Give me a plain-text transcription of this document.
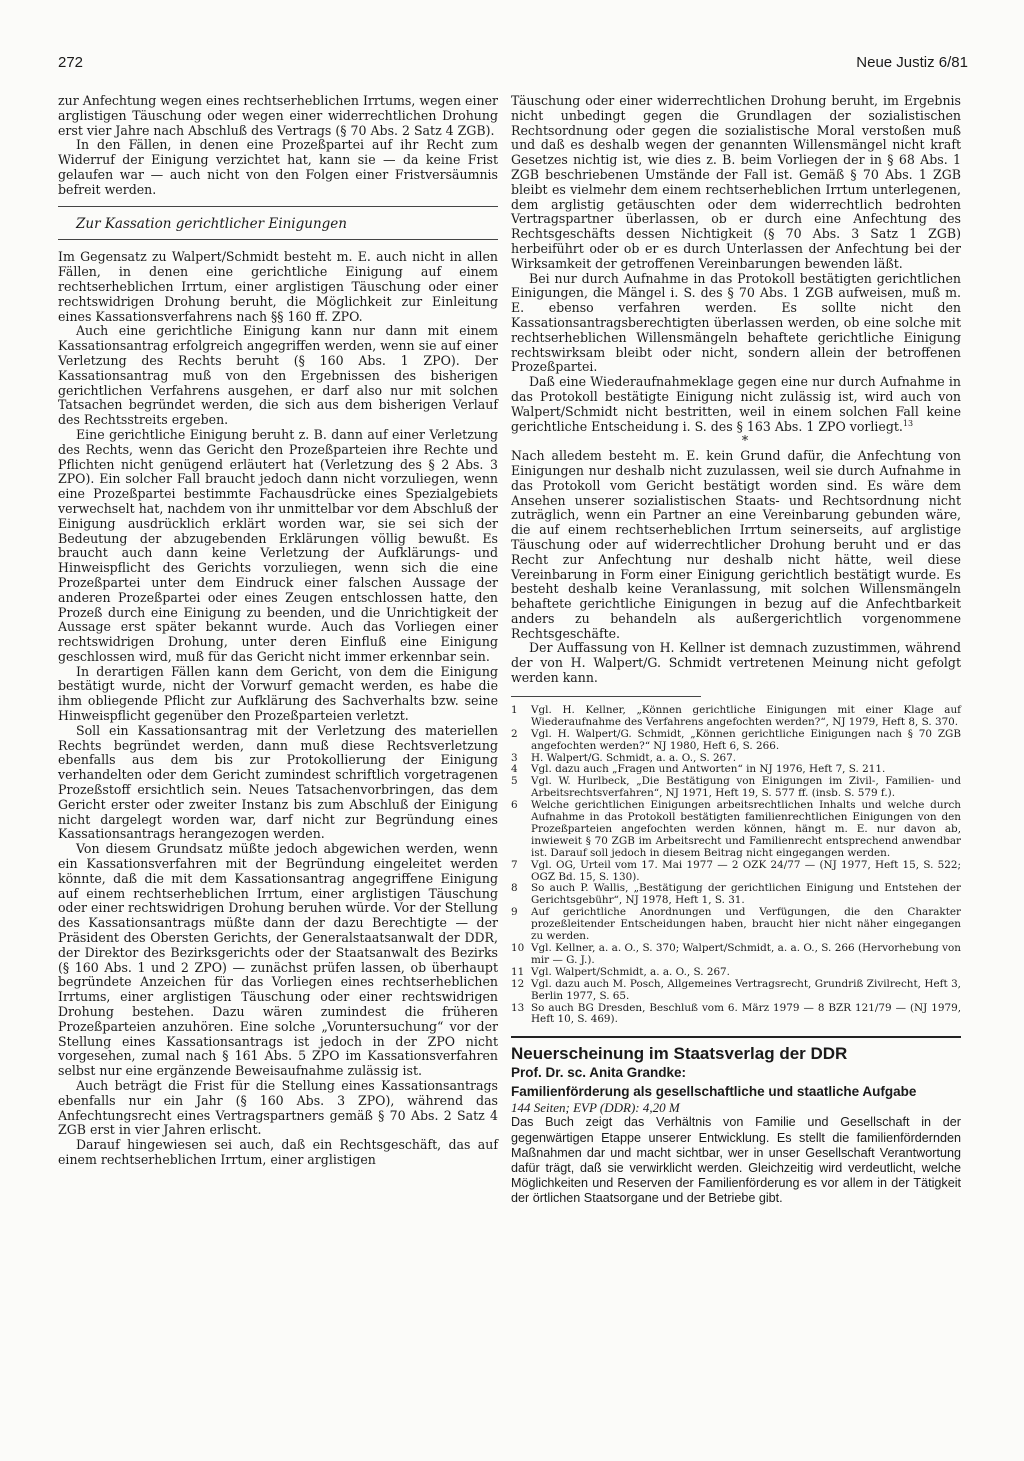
272	Neue Justiz 6/81

zur Anfechtung wegen eines rechtserheblichen Irrtums, wegen einer arglistigen Täuschung oder wegen einer widerrechtlichen Drohung erst vier Jahre nach Abschluß des Vertrags (§ 70 Abs. 2 Satz 4 ZGB).

In den Fällen, in denen eine Prozeßpartei auf ihr Recht zum Widerruf der Einigung verzichtet hat, kann sie — da keine Frist gelaufen war — auch nicht von den Folgen einer Fristversäumnis befreit werden.

Zur Kassation gerichtlicher Einigungen

Im Gegensatz zu Walpert/Schmidt besteht m. E. auch nicht in allen Fällen, in denen eine gerichtliche Einigung auf einem rechtserheblichen Irrtum, einer arglistigen Täuschung oder einer rechtswidrigen Drohung beruht, die Möglichkeit zur Einleitung eines Kassationsverfahrens nach §§ 160 ff. ZPO.

Auch eine gerichtliche Einigung kann nur dann mit einem Kassationsantrag erfolgreich angegriffen werden, wenn sie auf einer Verletzung des Rechts beruht (§ 160 Abs. 1 ZPO). Der Kassationsantrag muß von den Ergebnissen des bisherigen gerichtlichen Verfahrens ausgehen, er darf also nur mit solchen Tatsachen begründet werden, die sich aus dem bisherigen Verlauf des Rechtsstreits ergeben.

Eine gerichtliche Einigung beruht z. B. dann auf einer Verletzung des Rechts, wenn das Gericht den Prozeßparteien ihre Rechte und Pflichten nicht genügend erläutert hat (Verletzung des § 2 Abs. 3 ZPO). Ein solcher Fall braucht jedoch dann nicht vorzuliegen, wenn eine Prozeßpartei bestimmte Fachausdrücke eines Spezialgebiets verwechselt hat, nachdem von ihr unmittelbar vor dem Abschluß der Einigung ausdrücklich erklärt worden war, sie sei sich der Bedeutung der abzugebenden Erklärungen völlig bewußt. Es braucht auch dann keine Verletzung der Aufklärungs- und Hinweispflicht des Gerichts vorzuliegen, wenn sich die eine Prozeßpartei unter dem Eindruck einer falschen Aussage der anderen Prozeßpartei oder eines Zeugen entschlossen hatte, den Prozeß durch eine Einigung zu beenden, und die Unrichtigkeit der Aussage erst später bekannt wurde. Auch das Vorliegen einer rechtswidrigen Drohung, unter deren Einfluß eine Einigung geschlossen wird, muß für das Gericht nicht immer erkennbar sein.

In derartigen Fällen kann dem Gericht, von dem die Einigung bestätigt wurde, nicht der Vorwurf gemacht werden, es habe die ihm obliegende Pflicht zur Aufklärung des Sachverhalts bzw. seine Hinweispflicht gegenüber den Prozeßparteien verletzt.

Soll ein Kassationsantrag mit der Verletzung des materiellen Rechts begründet werden, dann muß diese Rechtsverletzung ebenfalls aus dem bis zur Protokollierung der Einigung verhandelten oder dem Gericht zumindest schriftlich vorgetragenen Prozeßstoff ersichtlich sein. Neues Tatsachenvorbringen, das dem Gericht erster oder zweiter Instanz bis zum Abschluß der Einigung nicht dargelegt worden war, darf nicht zur Begründung eines Kassationsantrags herangezogen werden.

Von diesem Grundsatz müßte jedoch abgewichen werden, wenn ein Kassationsverfahren mit der Begründung eingeleitet werden könnte, daß die mit dem Kassationsantrag angegriffene Einigung auf einem rechtserheblichen Irrtum, einer arglistigen Täuschung oder einer rechtswidrigen Drohung beruhen würde. Vor der Stellung des Kassationsantrags müßte dann der dazu Berechtigte — der Präsident des Obersten Gerichts, der Generalstaatsanwalt der DDR, der Direktor des Bezirksgerichts oder der Staatsanwalt des Bezirks (§ 160 Abs. 1 und 2 ZPO) — zunächst prüfen lassen, ob überhaupt begründete Anzeichen für das Vorliegen eines rechtserheblichen Irrtums, einer arglistigen Täuschung oder einer rechtswidrigen Drohung bestehen. Dazu wären zumindest die früheren Prozeßparteien anzuhören. Eine solche „Voruntersuchung“ vor der Stellung eines Kassationsantrags ist jedoch in der ZPO nicht vorgesehen, zumal nach § 161 Abs. 5 ZPO im Kassationsverfahren selbst nur eine ergänzende Beweisaufnahme zulässig ist.

Auch beträgt die Frist für die Stellung eines Kassationsantrags ebenfalls nur ein Jahr (§ 160 Abs. 3 ZPO), während das Anfechtungsrecht eines Vertragspartners gemäß § 70 Abs. 2 Satz 4 ZGB erst in vier Jahren erlischt.

Darauf hingewiesen sei auch, daß ein Rechtsgeschäft, das auf einem rechtserheblichen Irrtum, einer arglistigen

Täuschung oder einer widerrechtlichen Drohung beruht, im Ergebnis nicht unbedingt gegen die Grundlagen der sozialistischen Rechtsordnung oder gegen die sozialistische Moral verstoßen muß und daß es deshalb wegen der genannten Willensmängel nicht kraft Gesetzes nichtig ist, wie dies z. B. beim Vorliegen der in § 68 Abs. 1 ZGB beschriebenen Umstände der Fall ist. Gemäß § 70 Abs. 1 ZGB bleibt es vielmehr dem einem rechtserheblichen Irrtum unterlegenen, dem arglistig getäuschten oder dem widerrechtlich bedrohten Vertragspartner überlassen, ob er durch eine Anfechtung des Rechtsgeschäfts dessen Nichtigkeit (§ 70 Abs. 3 Satz 1 ZGB) herbeiführt oder ob er es durch Unterlassen der Anfechtung bei der Wirksamkeit der getroffenen Vereinbarungen bewenden läßt.

Bei nur durch Aufnahme in das Protokoll bestätigten gerichtlichen Einigungen, die Mängel i. S. des § 70 Abs. 1 ZGB aufweisen, muß m. E. ebenso verfahren werden. Es sollte nicht den Kassationsantragsberechtigten überlassen werden, ob eine solche mit rechtserheblichen Willensmängeln behaftete gerichtliche Einigung rechtswirksam bleibt oder nicht, sondern allein der betroffenen Prozeßpartei.

Daß eine Wiederaufnahmeklage gegen eine nur durch Aufnahme in das Protokoll bestätigte Einigung nicht zulässig ist, wird auch von Walpert/Schmidt nicht bestritten, weil in einem solchen Fall keine gerichtliche Entscheidung i. S. des § 163 Abs. 1 ZPO vorliegt.$^{13}$

*

Nach alledem besteht m. E. kein Grund dafür, die Anfechtung von Einigungen nur deshalb nicht zuzulassen, weil sie durch Aufnahme in das Protokoll vom Gericht bestätigt worden sind. Es wäre dem Ansehen unserer sozialistischen Staats- und Rechtsordnung nicht zuträglich, wenn ein Partner an eine Vereinbarung gebunden wäre, die auf einem rechtserheblichen Irrtum seinerseits, auf arglistige Täuschung oder auf widerrechtlicher Drohung beruht und er das Recht zur Anfechtung nur deshalb nicht hätte, weil diese Vereinbarung in Form einer Einigung gerichtlich bestätigt wurde. Es besteht deshalb keine Veranlassung, mit solchen Willensmängeln behaftete gerichtliche Einigungen in bezug auf die Anfechtbarkeit anders zu behandeln als außergerichtlich vorgenommene Rechtsgeschäfte.

Der Auffassung von H. Kellner ist demnach zuzustimmen, während der von H. Walpert/G. Schmidt vertretenen Meinung nicht gefolgt werden kann.

1	Vgl. H. Kellner, „Können gerichtliche Einigungen mit einer Klage auf Wiederaufnahme des Verfahrens angefochten werden?“, NJ 1979, Heft 8, S. 370.
2	Vgl. H. Walpert/G. Schmidt, „Können gerichtliche Einigungen nach § 70 ZGB angefochten werden?“ NJ 1980, Heft 6, S. 266.
3	H. Walpert/G. Schmidt, a. a. O., S. 267.
4	Vgl. dazu auch „Fragen und Antworten“ in NJ 1976, Heft 7, S. 211.
5	Vgl. W. Hurlbeck, „Die Bestätigung von Einigungen im Zivil-, Familien- und Arbeitsrechtsverfahren“, NJ 1971, Heft 19, S. 577 ff. (insb. S. 579 f.).
6	Welche gerichtlichen Einigungen arbeitsrechtlichen Inhalts und welche durch Aufnahme in das Protokoll bestätigten familienrechtlichen Einigungen von den Prozeßparteien angefochten werden können, hängt m. E. nur davon ab, inwieweit § 70 ZGB im Arbeitsrecht und Familienrecht entsprechend anwendbar ist. Darauf soll jedoch in diesem Beitrag nicht eingegangen werden.
7	Vgl. OG, Urteil vom 17. Mai 1977 — 2 OZK 24/77 — (NJ 1977, Heft 15, S. 522; OGZ Bd. 15, S. 130).
8	So auch P. Wallis, „Bestätigung der gerichtlichen Einigung und Entstehen der Gerichtsgebühr“, NJ 1978, Heft 1, S. 31.
9	Auf gerichtliche Anordnungen und Verfügungen, die den Charakter prozeßleitender Entscheidungen haben, braucht hier nicht näher eingegangen zu werden.
10 Vgl. Kellner, a. a. O., S. 370; Walpert/Schmidt, a. a. O., S. 266 (Hervorhebung von mir — G. J.).
11 Vgl. Walpert/Schmidt, a. a. O., S. 267.
12 Vgl. dazu auch M. Posch, Allgemeines Vertragsrecht, Grundriß Zivilrecht, Heft 3, Berlin 1977, S. 65.
13 So auch BG Dresden, Beschluß vom 6. März 1979 — 8 BZR 121/79 — (NJ 1979, Heft 10, S. 469).

Neuerscheinung im Staatsverlag der DDR

Prof. Dr. sc. Anita Grandke:

Familienförderung als gesellschaftliche und staatliche Aufgabe

144 Seiten; EVP (DDR): 4,20 M

Das Buch zeigt das Verhältnis von Familie und Gesellschaft in der gegenwärtigen Etappe unserer Entwicklung. Es stellt die familienfördernden Maßnahmen dar und macht sichtbar, wer in unser Gesellschaft Verantwortung dafür trägt, daß sie verwirklicht werden. Gleichzeitig wird verdeutlicht, welche Möglichkeiten und Reserven der Familienförderung es vor allem in der Tätigkeit der örtlichen Staatsorgane und der Betriebe gibt.
